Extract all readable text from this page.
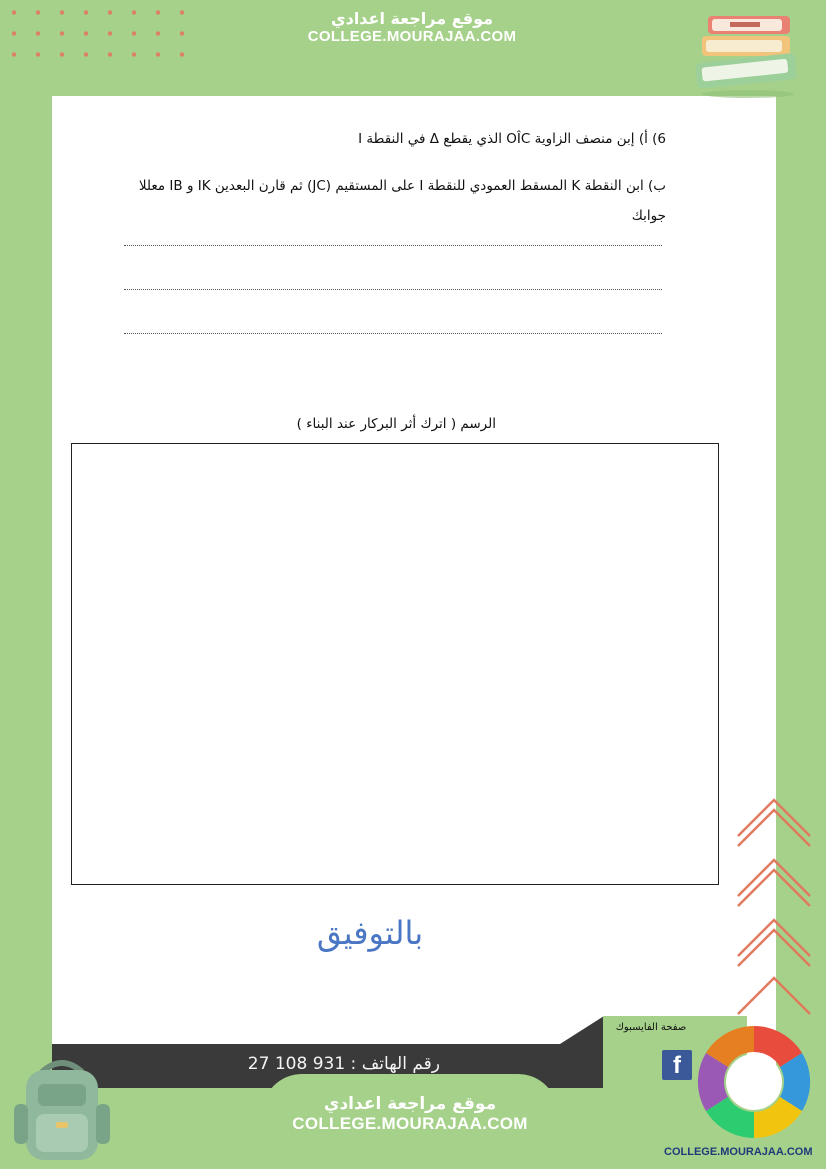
موقع مراجعة اعدادي
COLLEGE.MOURAJAA.COM
6) أ) إبن منصف الزاوية OÎC الذي يقطع Δ في النقطة I
ب) ابن النقطة K المسقط العمودي للنقطة I على المستقيم (JC) ثم قارن البعدين IK و IB معللا جوابك
الرسم ( اترك أثر البركار عند البناء )
بالتوفيق
رقم الهاتف : 931 108 27
صفحة الفايسبوك
f
COLLEGE.MOURAJAA.COM
موقع مراجعة اعدادي
COLLEGE.MOURAJAA.COM
